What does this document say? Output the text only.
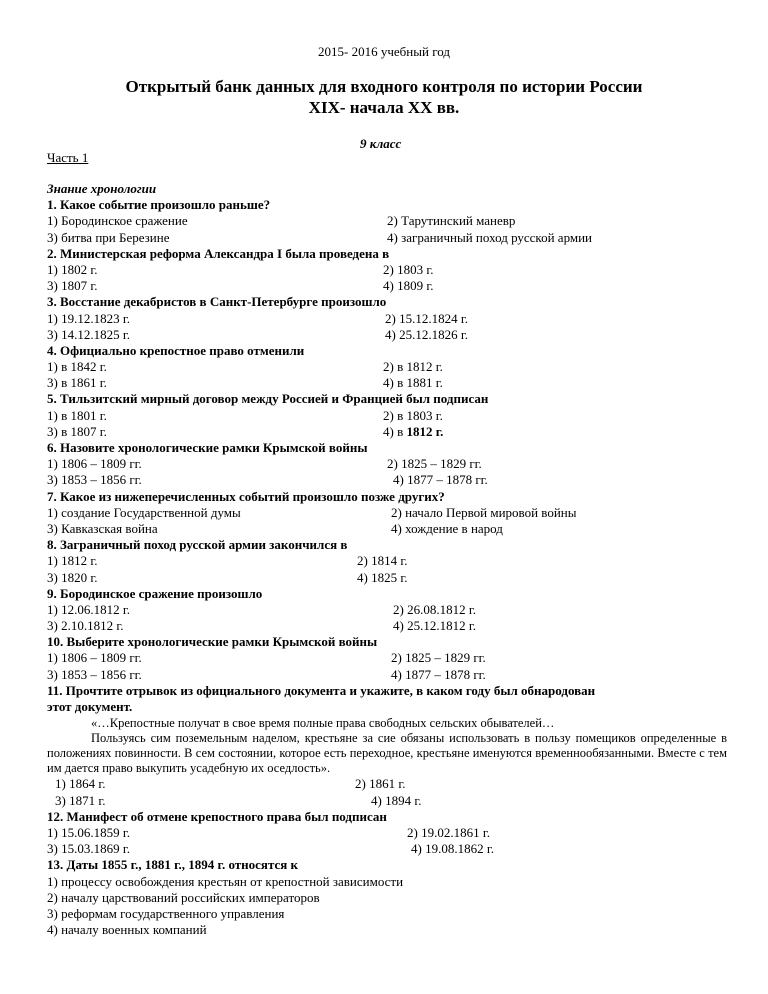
2015- 2016 учебный год
Открытый банк данных для входного контроля по истории России
XIX- начала XX вв.
9 класс
Часть 1
Знание хронологии
1. Какое событие произошло раньше?
1) Бородинское сражение	2) Тарутинский маневр
3) битва при Березине	4) заграничный поход русской армии
2. Министерская реформа Александра I была проведена в
1) 1802 г.	2) 1803 г.
3) 1807 г.	4) 1809 г.
3. Восстание декабристов в Санкт-Петербурге произошло
1) 19.12.1823 г.	2) 15.12.1824 г.
3) 14.12.1825 г.	4) 25.12.1826 г.
4. Официально крепостное право отменили
1) в 1842 г.	2) в 1812 г.
3) в 1861 г.	4) в 1881 г.
5. Тильзитский мирный договор между Россией и Францией был подписан
1) в 1801 г.	2) в 1803 г.
3) в 1807 г.	4) в 1812 г.
6. Назовите хронологические рамки Крымской войны
1) 1806 – 1809 гг.	2) 1825 – 1829 гг.
3) 1853 – 1856 гг.	4) 1877 – 1878 гг.
7. Какое из нижеперечисленных событий произошло позже других?
1) создание Государственной думы	2) начало Первой мировой войны
3) Кавказская война	4) хождение в народ
8. Заграничный поход русской армии закончился в
1) 1812 г.	2) 1814 г.
3) 1820 г.	4) 1825 г.
9. Бородинское сражение произошло
1) 12.06.1812 г.	2) 26.08.1812 г.
3) 2.10.1812 г.	4) 25.12.1812 г.
10. Выберите хронологические рамки Крымской войны
1) 1806 – 1809 гг.	2) 1825 – 1829 гг.
3) 1853 – 1856 гг.	4) 1877 – 1878 гг.
11. Прочтите отрывок из официального документа и укажите, в каком году был обнародован
этот документ.
«…Крепостные получат в свое время полные права свободных сельских обывателей…
Пользуясь сим поземельным наделом, крестьяне за сие обязаны использовать в пользу помещиков определенные в положениях повинности. В сем состоянии, которое есть переходное, крестьяне именуются временнообязанными. Вместе с тем им дается право выкупить усадебную их оседлость».
1) 1864 г.	2) 1861 г.
3) 1871 г.	4) 1894 г.
12. Манифест об отмене крепостного права был подписан
1) 15.06.1859 г.	2) 19.02.1861 г.
3) 15.03.1869 г.	4) 19.08.1862 г.
13. Даты 1855 г., 1881 г., 1894 г. относятся к
1) процессу освобождения крестьян от крепостной зависимости
2) началу царствований российских императоров
3) реформам государственного управления
4) началу военных компаний
